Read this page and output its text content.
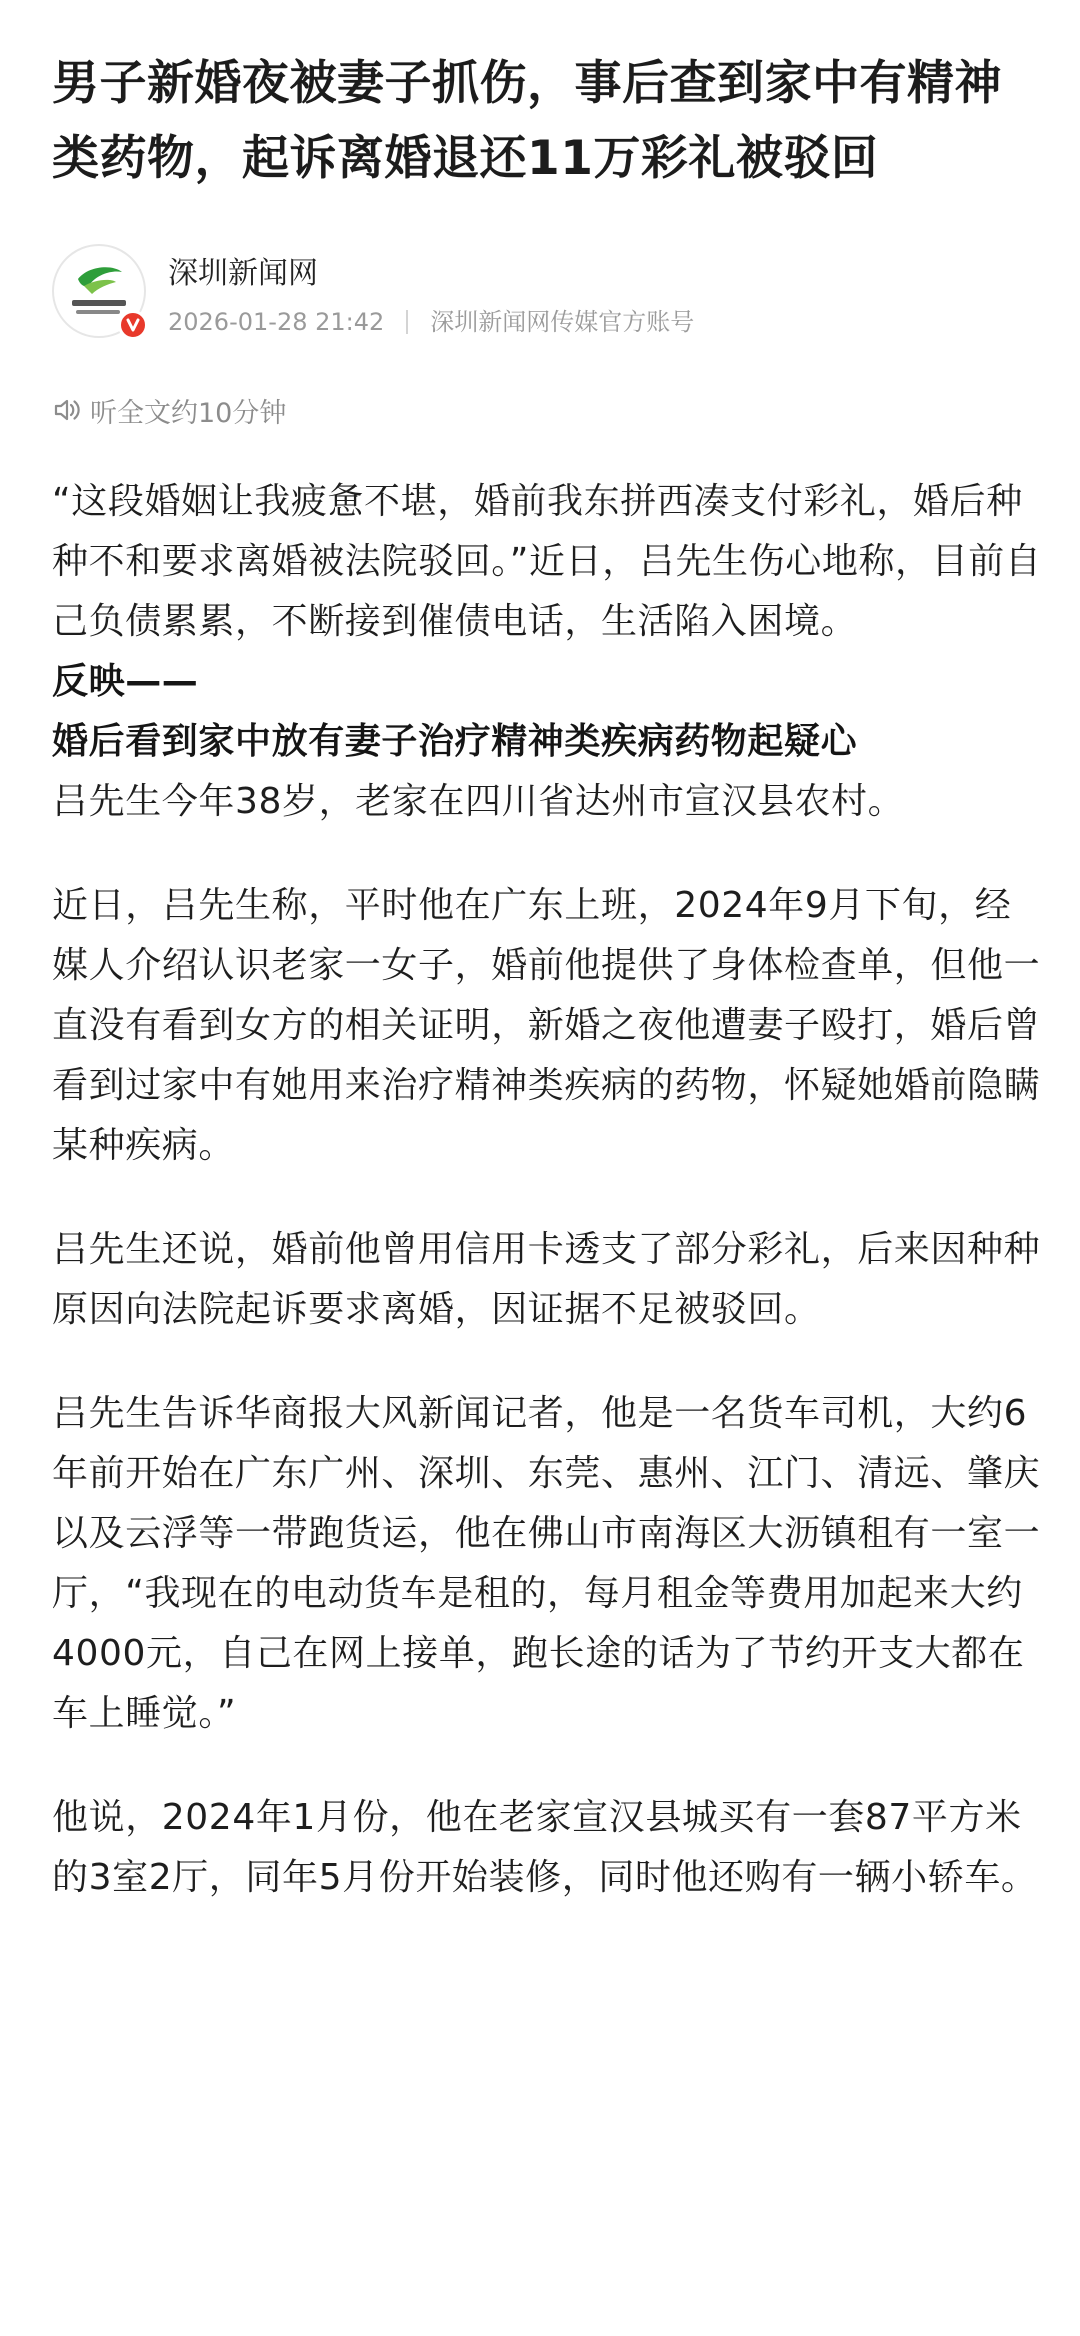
男子新婚夜被妻子抓伤，事后查到家中有精神类药物，起诉离婚退还11万彩礼被驳回
深圳新闻网
2026-01-28 21:42 深圳新闻网传媒官方账号
听全文约10分钟

“这段婚姻让我疲惫不堪，婚前我东拼西凑支付彩礼，婚后种种不和要求离婚被法院驳回。”近日，吕先生伤心地称，目前自己负债累累，不断接到催债电话，生活陷入困境。

反映——
婚后看到家中放有妻子治疗精神类疾病药物起疑心

吕先生今年38岁，老家在四川省达州市宣汉县农村。

近日，吕先生称，平时他在广东上班，2024年9月下旬，经媒人介绍认识老家一女子，婚前他提供了身体检查单，但他一直没有看到女方的相关证明，新婚之夜他遭妻子殴打，婚后曾看到过家中有她用来治疗精神类疾病的药物，怀疑她婚前隐瞒某种疾病。

吕先生还说，婚前他曾用信用卡透支了部分彩礼，后来因种种原因向法院起诉要求离婚，因证据不足被驳回。

吕先生告诉华商报大风新闻记者，他是一名货车司机，大约6年前开始在广东广州、深圳、东莞、惠州、江门、清远、肇庆以及云浮等一带跑货运，他在佛山市南海区大沥镇租有一室一厅，“我现在的电动货车是租的，每月租金等费用加起来大约4000元，自己在网上接单，跑长途的话为了节约开支大都在车上睡觉。”

他说，2024年1月份，他在老家宣汉县城买有一套87平方米的3室2厅，同年5月份开始装修，同时他还购有一辆小轿车。
